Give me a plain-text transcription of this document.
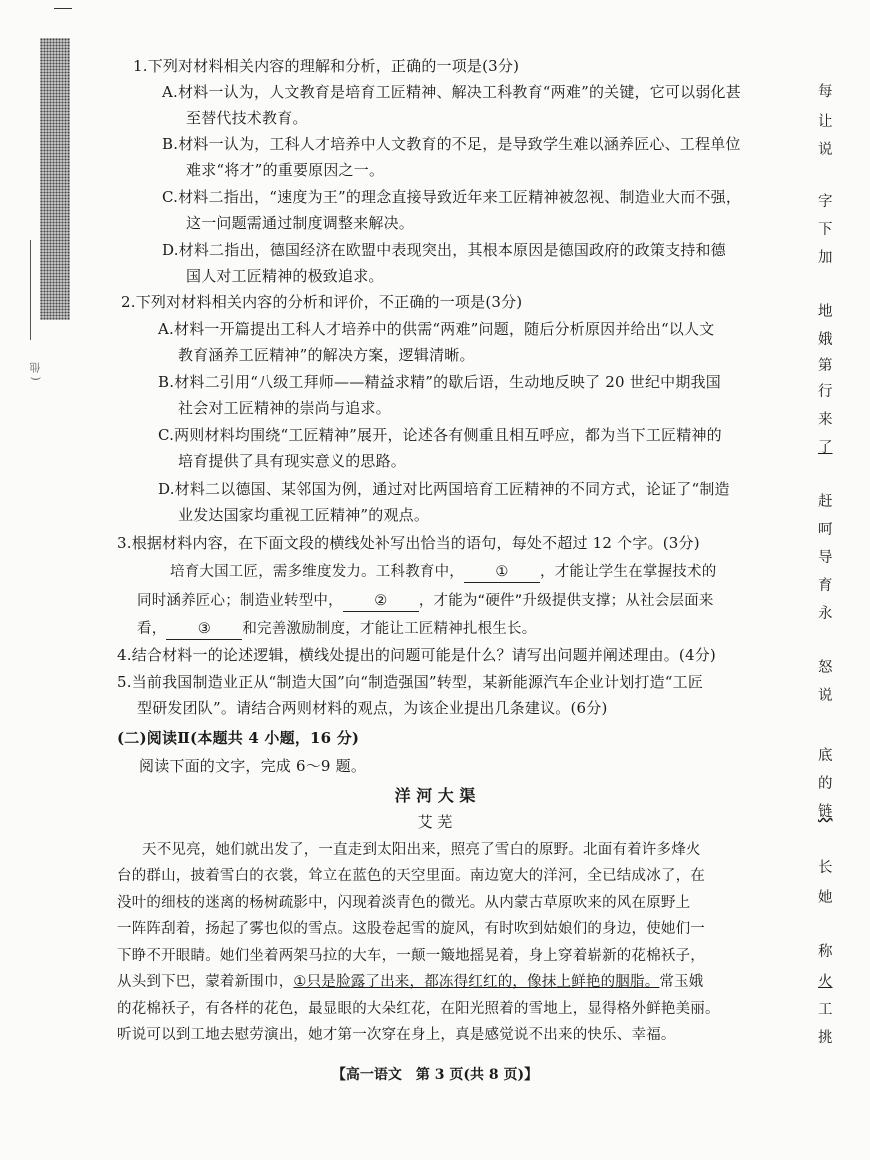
( 他
1.下列对材料相关内容的理解和分析，正确的一项是(3分)
A.材料一认为，人文教育是培育工匠精神、解决工科教育“两难”的关键，它可以弱化甚
至替代技术教育。
B.材料一认为，工科人才培养中人文教育的不足，是导致学生难以涵养匠心、工程单位
难求“将才”的重要原因之一。
C.材料二指出，“速度为王”的理念直接导致近年来工匠精神被忽视、制造业大而不强，
这一问题需通过制度调整来解决。
D.材料二指出，德国经济在欧盟中表现突出，其根本原因是德国政府的政策支持和德
国人对工匠精神的极致追求。
2.下列对材料相关内容的分析和评价，不正确的一项是(3分)
A.材料一开篇提出工科人才培养中的供需“两难”问题，随后分析原因并给出“以人文
教育涵养工匠精神”的解决方案，逻辑清晰。
B.材料二引用“八级工拜师——精益求精”的歇后语，生动地反映了 20 世纪中期我国
社会对工匠精神的崇尚与追求。
C.两则材料均围绕“工匠精神”展开，论述各有侧重且相互呼应，都为当下工匠精神的
培育提供了具有现实意义的思路。
D.材料二以德国、某邻国为例，通过对比两国培育工匠精神的不同方式，论证了“制造
业发达国家均重视工匠精神”的观点。
3.根据材料内容，在下面文段的横线处补写出恰当的语句，每处不超过 12 个字。(3分)
培育大国工匠，需多维度发力。工科教育中， ① ，才能让学生在掌握技术的
同时涵养匠心；制造业转型中， ② ，才能为“硬件”升级提供支撑；从社会层面来
看， ③ 和完善激励制度，才能让工匠精神扎根生长。
4.结合材料一的论述逻辑，横线处提出的问题可能是什么？请写出问题并阐述理由。(4分)
5.当前我国制造业正从“制造大国”向“制造强国”转型，某新能源汽车企业计划打造“工匠
型研发团队”。请结合两则材料的观点，为该企业提出几条建议。(6分)
(二)阅读Ⅱ(本题共 4 小题，16 分)
阅读下面的文字，完成 6～9 题。
洋 河 大 渠
艾 芜
天不见亮，她们就出发了，一直走到太阳出来，照亮了雪白的原野。北面有着许多烽火
台的群山，披着雪白的衣裳，耸立在蓝色的天空里面。南边宽大的洋河，全已结成冰了，在
没叶的细枝的迷离的杨树疏影中，闪现着淡青色的微光。从内蒙古草原吹来的风在原野上
一阵阵刮着，扬起了雾也似的雪点。这股卷起雪的旋风，有时吹到姑娘们的身边，使她们一
下睁不开眼睛。她们坐着两架马拉的大车，一颠一簸地摇晃着，身上穿着崭新的花棉袄子，
从头到下巴，蒙着新围巾，①只是脸露了出来，都冻得红红的，像抹上鲜艳的胭脂。常玉娥
的花棉袄子，有各样的花色，最显眼的大朵红花，在阳光照着的雪地上，显得格外鲜艳美丽。
听说可以到工地去慰劳演出，她才第一次穿在身上，真是感觉说不出来的快乐、幸福。
【高一语文　第 3 页(共 8 页)】
每
让
说
字
下
加
地
娥
第
行
来
了
赶
呵
导
育
永
怒
说
底
的
链
长
她
称
火
工
挑
